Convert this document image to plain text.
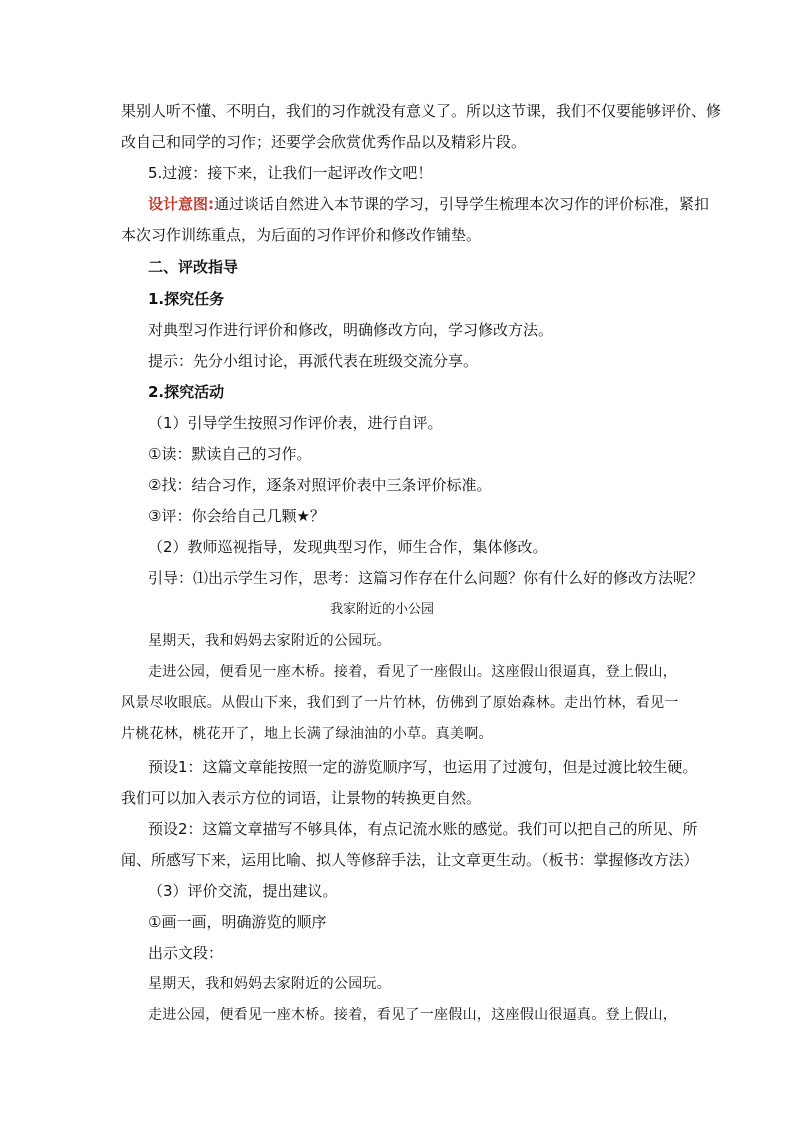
果别人听不懂、不明白，我们的习作就没有意义了。所以这节课，我们不仅要能够评价、修
改自己和同学的习作；还要学会欣赏优秀作品以及精彩片段。
5.过渡：接下来，让我们一起评改作文吧！
设计意图:通过谈话自然进入本节课的学习，引导学生梳理本次习作的评价标准，紧扣
本次习作训练重点，为后面的习作评价和修改作铺垫。
二、评改指导
1.探究任务
对典型习作进行评价和修改，明确修改方向，学习修改方法。
提示：先分小组讨论，再派代表在班级交流分享。
2.探究活动
（1）引导学生按照习作评价表，进行自评。
①读：默读自己的习作。
②找：结合习作，逐条对照评价表中三条评价标准。
③评：你会给自己几颗★？
（2）教师巡视指导，发现典型习作，师生合作，集体修改。
引导：⑴出示学生习作，思考：这篇习作存在什么问题？你有什么好的修改方法呢？
我家附近的小公园
星期天，我和妈妈去家附近的公园玩。
走进公园，便看见一座木桥。接着，看见了一座假山。这座假山很逼真，登上假山，
风景尽收眼底。从假山下来，我们到了一片竹林，仿佛到了原始森林。走出竹林，看见一
片桃花林，桃花开了，地上长满了绿油油的小草。真美啊。
预设1：这篇文章能按照一定的游览顺序写，也运用了过渡句，但是过渡比较生硬。
我们可以加入表示方位的词语，让景物的转换更自然。
预设2：这篇文章描写不够具体，有点记流水账的感觉。我们可以把自己的所见、所
闻、所感写下来，运用比喻、拟人等修辞手法，让文章更生动。（板书：掌握修改方法）
（3）评价交流，提出建议。
①画一画，明确游览的顺序
出示文段：
星期天，我和妈妈去家附近的公园玩。
走进公园，便看见一座木桥。接着，看见了一座假山，这座假山很逼真。登上假山，
